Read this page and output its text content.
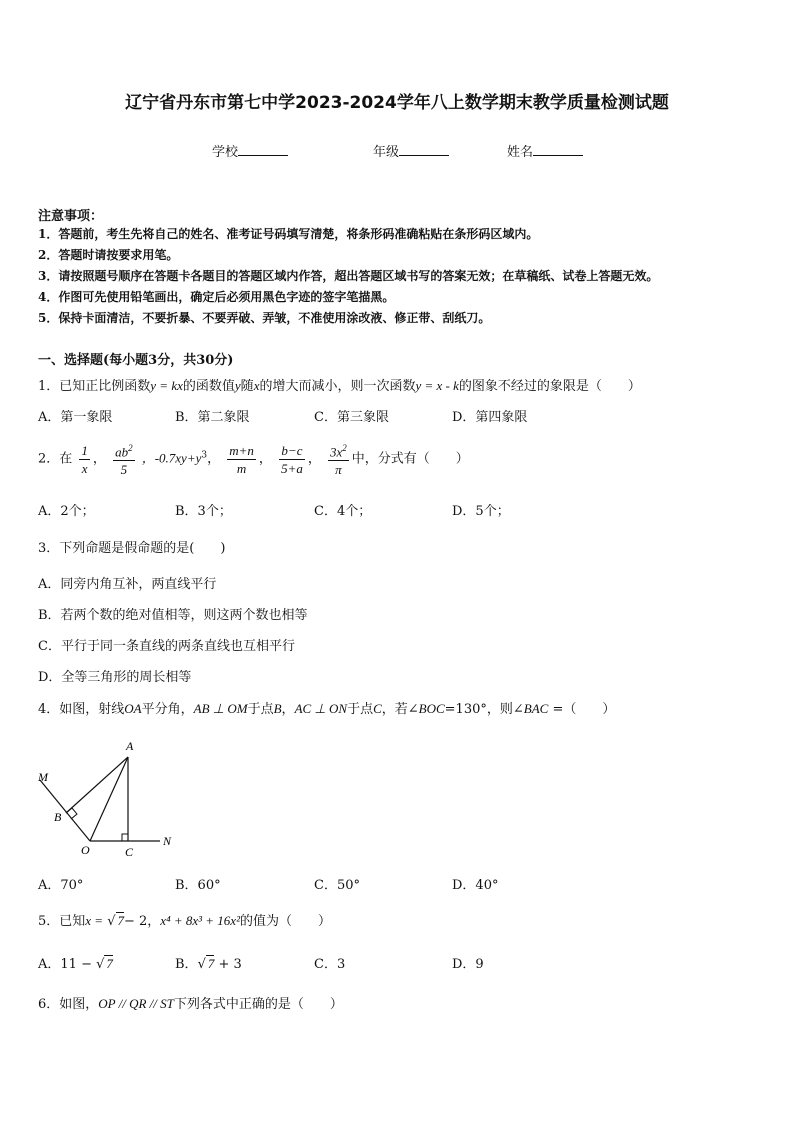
辽宁省丹东市第七中学2023-2024学年八上数学期末教学质量检测试题
学校	年级	姓名
注意事项：
1．答题前，考生先将自己的姓名、准考证号码填写清楚，将条形码准确粘贴在条形码区域内。
2．答题时请按要求用笔。
3．请按照题号顺序在答题卡各题目的答题区域内作答，超出答题区域书写的答案无效；在草稿纸、试卷上答题无效。
4．作图可先使用铅笔画出，确定后必须用黑色字迹的签字笔描黑。
5．保持卡面清洁，不要折暴、不要弄破、弄皱，不准使用涂改液、修正带、刮纸刀。
一、选择题(每小题3分，共30分)
1．已知正比例函数y = kx的函数值y随x的增大而减小，则一次函数y = x - k的图象不经过的象限是（　　）
A．第一象限	B．第二象限	C．第三象限	D．第四象限
2．在 $\frac{1}{x}$ ， $\frac{ab^2}{5}$ ，$-0.7xy+y^3$， $\frac{m+n}{m}$ ， $\frac{b-c}{5+a}$ ， $\frac{3x^2}{\pi}$ 中，分式有（　　）
A．2个；	B．3个；	C．4个；	D．5个；
3．下列命题是假命题的是(　　)
A．同旁内角互补，两直线平行
B．若两个数的绝对值相等，则这两个数也相等
C．平行于同一条直线的两条直线也互相平行
D．全等三角形的周长相等
4．如图，射线OA平分角，AB ⊥ OM于点B，AC ⊥ ON于点C，若∠BOC=130°，则∠BAC =（　　）
A
M
B
O	C
N
A．70°	B．60°	C．50°	D．40°
5．已知x = √ 7− 2，x⁴ + 8x³ + 16x²的值为（　　）
A．11 − √ 7	B．√ 7 + 3	C．3	D．9
6．如图，OP // QR // ST下列各式中正确的是（　　）
